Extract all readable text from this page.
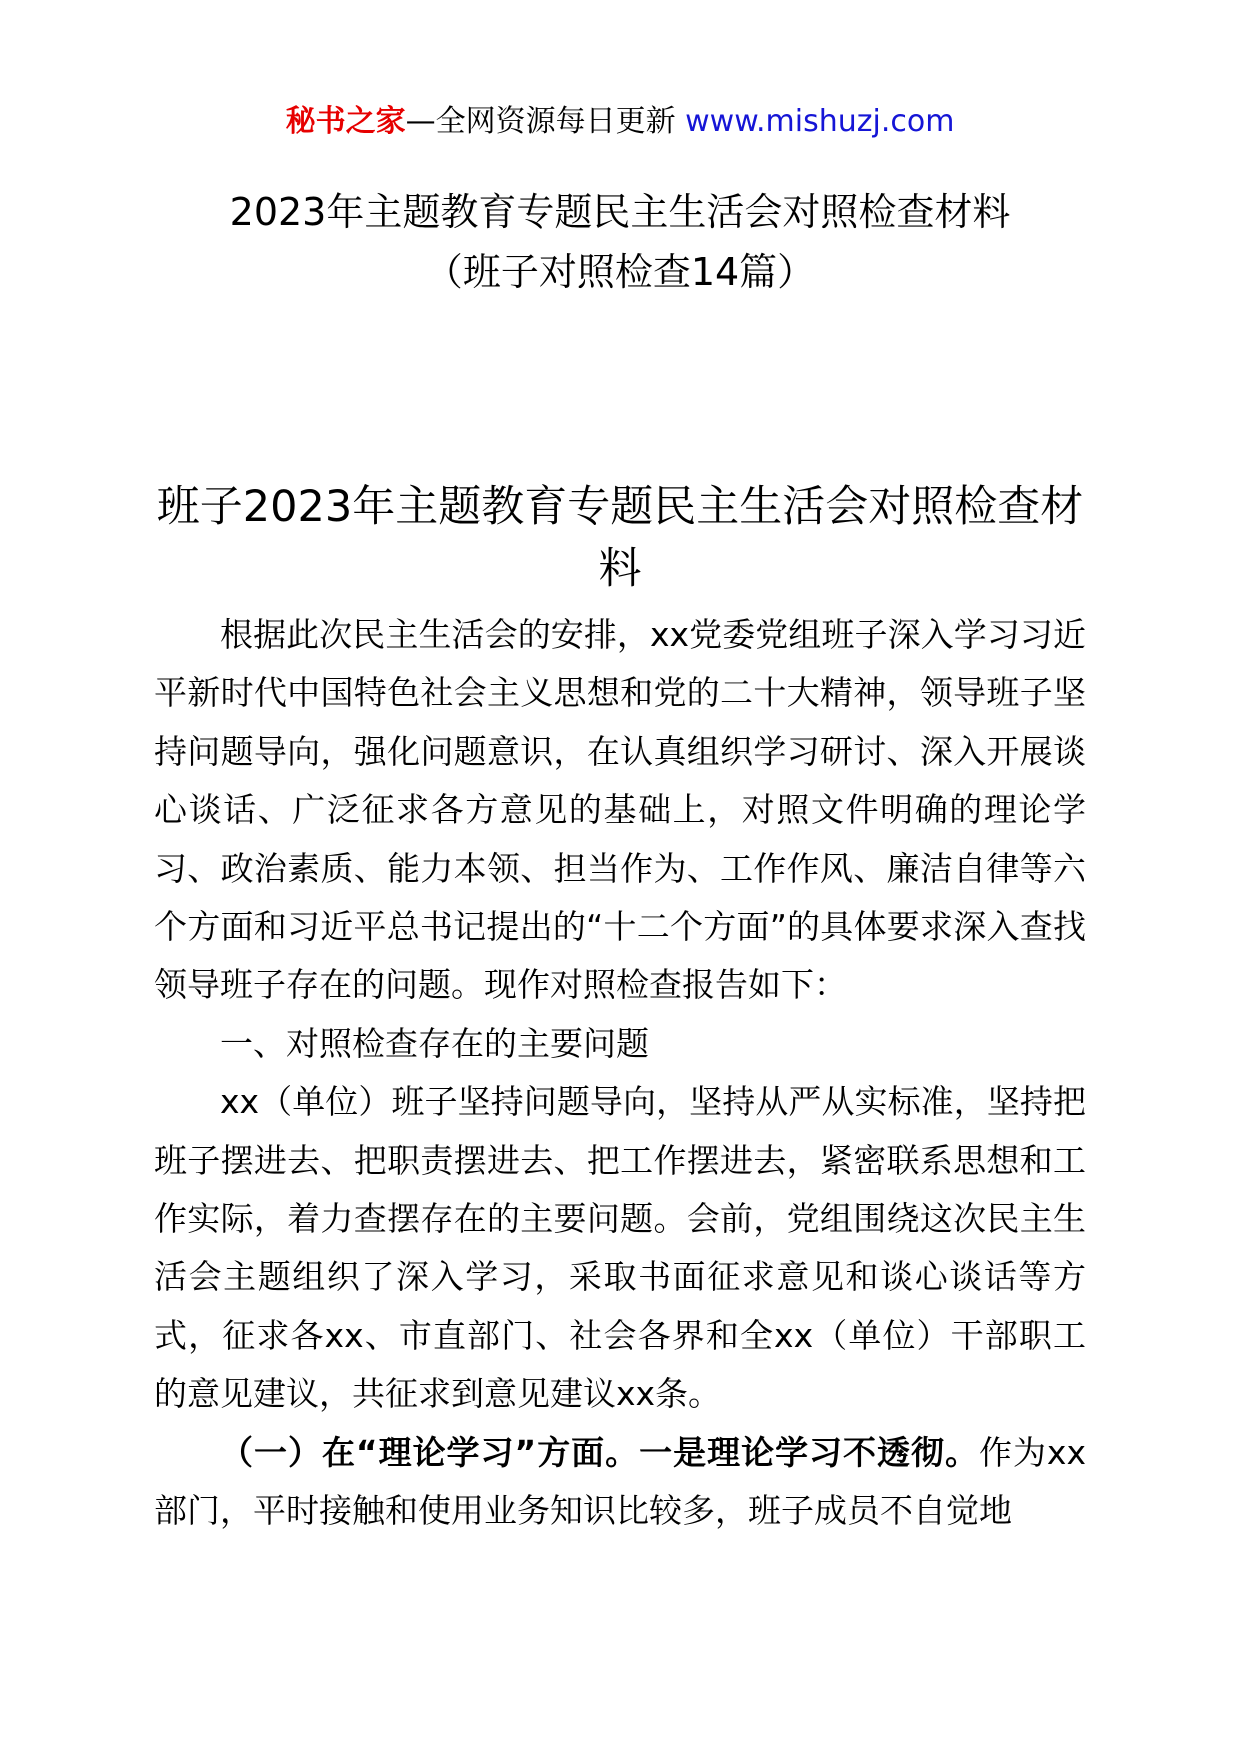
秘书之家—全网资源每日更新 www.mishuzj.com
2023年主题教育专题民主生活会对照检查材料
（班子对照检查14篇）
班子2023年主题教育专题民主生活会对照检查材料

根据此次民主生活会的安排，xx党委党组班子深入学习习近平新时代中国特色社会主义思想和党的二十大精神，领导班子坚持问题导向，强化问题意识，在认真组织学习研讨、深入开展谈心谈话、广泛征求各方意见的基础上，对照文件明确的理论学习、政治素质、能力本领、担当作为、工作作风、廉洁自律等六个方面和习近平总书记提出的“十二个方面”的具体要求深入查找领导班子存在的问题。现作对照检查报告如下：

一、对照检查存在的主要问题

xx（单位）班子坚持问题导向，坚持从严从实标准，坚持把班子摆进去、把职责摆进去、把工作摆进去，紧密联系思想和工作实际，着力查摆存在的主要问题。会前，党组围绕这次民主生活会主题组织了深入学习，采取书面征求意见和谈心谈话等方式，征求各xx、市直部门、社会各界和全xx（单位）干部职工的意见建议，共征求到意见建议xx条。

（一）在“理论学习”方面。一是理论学习不透彻。作为xx部门，平时接触和使用业务知识比较多，班子成员不自觉地
